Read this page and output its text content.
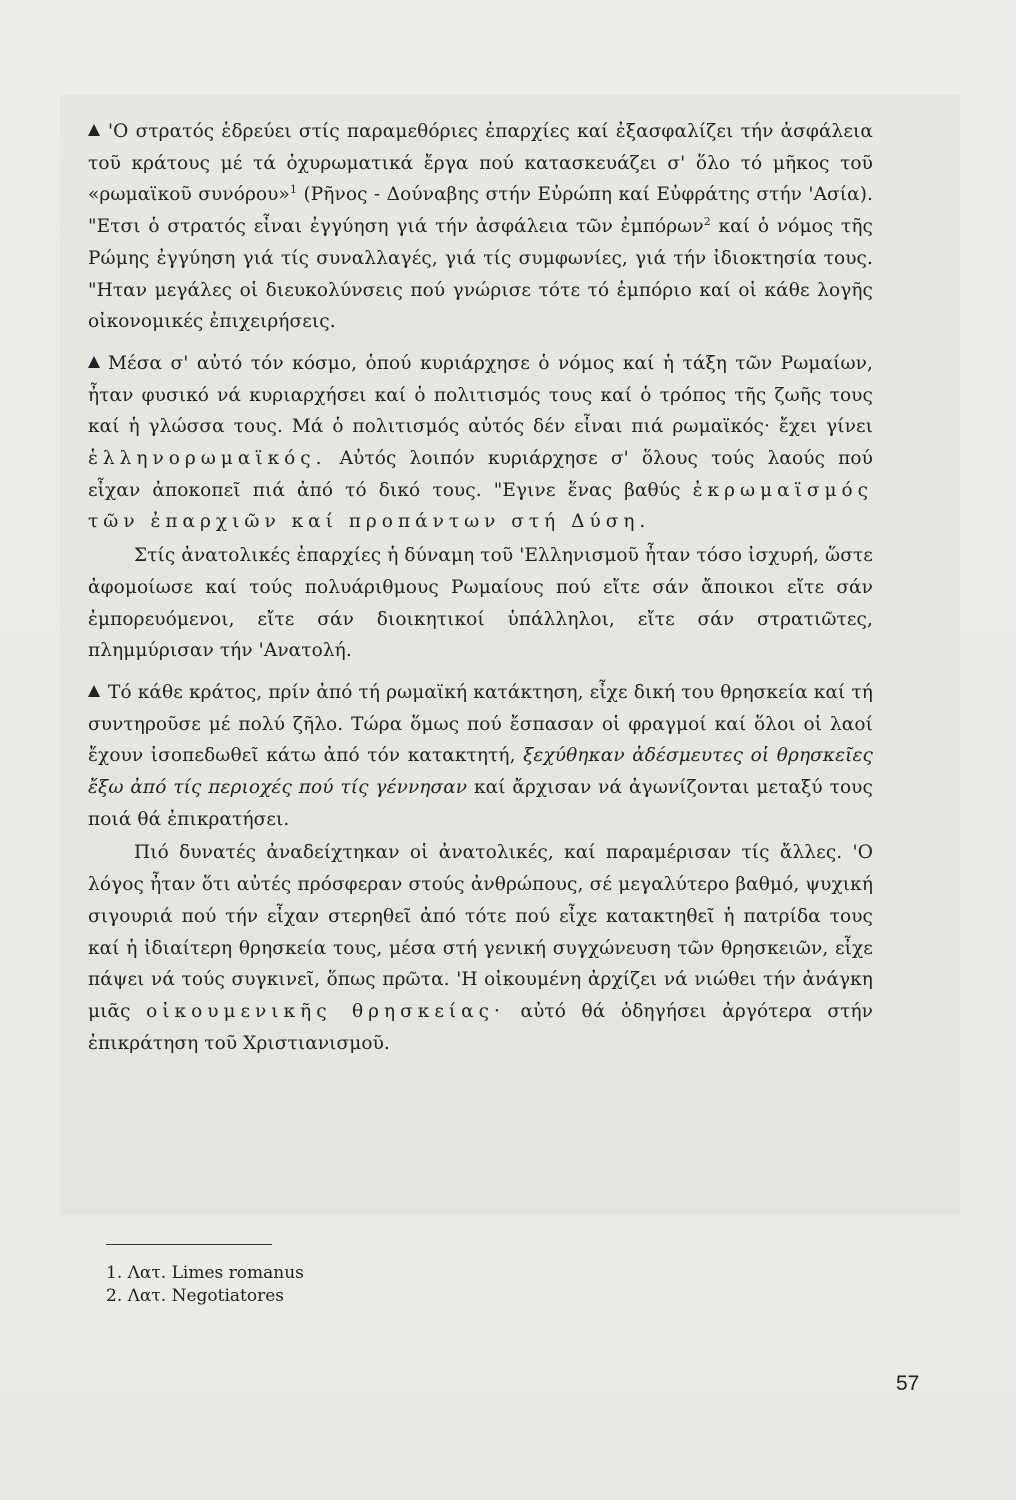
'Ο στρατός ἑδρεύει στίς παραμεθόριες ἐπαρχίες καί ἐξασφαλίζει τήν ἀσφάλεια τοῦ κράτους μέ τά ὀχυρωματικά ἔργα πού κατασκευάζει σ' ὅλο τό μῆκος τοῦ «ρωμαϊκοῦ συνόρου»$^1$ (Ρῆνος - Δούναβης στήν Εὐρώπη καί Εὐφράτης στήν 'Ασία). "Ετσι ὁ στρατός εἶναι ἐγγύηση γιά τήν ἀσφάλεια τῶν ἐμπόρων$^2$ καί ὁ νόμος τῆς Ρώμης ἐγγύηση γιά τίς συναλλαγές, γιά τίς συμφωνίες, γιά τήν ἰδιοκτησία τους. "Ηταν μεγάλες οἱ διευκολύνσεις πού γνώρισε τότε τό ἐμπόριο καί οἱ κάθε λογῆς οἰκονομικές ἐπιχειρήσεις.

Μέσα σ' αὐτό τόν κόσμο, ὁπού κυριάρχησε ὁ νόμος καί ἡ τάξη τῶν Ρωμαίων, ἦταν φυσικό νά κυριαρχήσει καί ὁ πολιτισμός τους καί ὁ τρόπος τῆς ζωῆς τους καί ἡ γλώσσα τους. Μά ὁ πολιτισμός αὐτός δέν εἶναι πιά ρωμαϊκός· ἔχει γίνει ἑλληνορωμαϊκός. Αὐτός λοιπόν κυριάρχησε σ' ὅλους τούς λαούς πού εἶχαν ἀποκοπεῖ πιά ἀπό τό δικό τους. "Εγινε ἕνας βαθύς ἐκρωμαϊσμός τῶν ἐπαρχιῶν καί προπάντων στή Δύση.

Στίς ἀνατολικές ἐπαρχίες ἡ δύναμη τοῦ 'Ελληνισμοῦ ἦταν τόσο ἰσχυρή, ὥστε ἀφομοίωσε καί τούς πολυάριθμους Ρωμαίους πού εἴτε σάν ἄποικοι εἴτε σάν ἐμπορευόμενοι, εἴτε σάν διοικητικοί ὑπάλληλοι, εἴτε σάν στρατιῶτες, πλημμύρισαν τήν 'Ανατολή.

Τό κάθε κράτος, πρίν ἀπό τή ρωμαϊκή κατάκτηση, εἶχε δική του θρησκεία καί τή συντηροῦσε μέ πολύ ζῆλο. Τώρα ὅμως πού ἔσπασαν οἱ φραγμοί καί ὅλοι οἱ λαοί ἔχουν ἰσοπεδωθεῖ κάτω ἀπό τόν κατακτητή, ξεχύθηκαν ἀδέσμευτες οἱ θρησκεῖες ἔξω ἀπό τίς περιοχές πού τίς γέννησαν καί ἄρχισαν νά ἀγωνίζονται μεταξύ τους ποιά θά ἐπικρατήσει.

Πιό δυνατές ἀναδείχτηκαν οἱ ἀνατολικές, καί παραμέρισαν τίς ἄλλες. 'Ο λόγος ἦταν ὅτι αὐτές πρόσφεραν στούς ἀνθρώπους, σέ μεγαλύτερο βαθμό, ψυχική σιγουριά πού τήν εἶχαν στερηθεῖ ἀπό τότε πού εἶχε κατακτηθεῖ ἡ πατρίδα τους καί ἡ ἰδιαίτερη θρησκεία τους, μέσα στή γενική συγχώνευση τῶν θρησκειῶν, εἶχε πάψει νά τούς συγκινεῖ, ὅπως πρῶτα. 'Η οἰκουμένη ἀρχίζει νά νιώθει τήν ἀνάγκη μιᾶς οἰκουμενικῆς θρησκείας· αὐτό θά ὁδηγήσει ἀργότερα στήν ἐπικράτηση τοῦ Χριστιανισμοῦ.

1. Λατ. Limes romanus
2. Λατ. Negotiatores
57
